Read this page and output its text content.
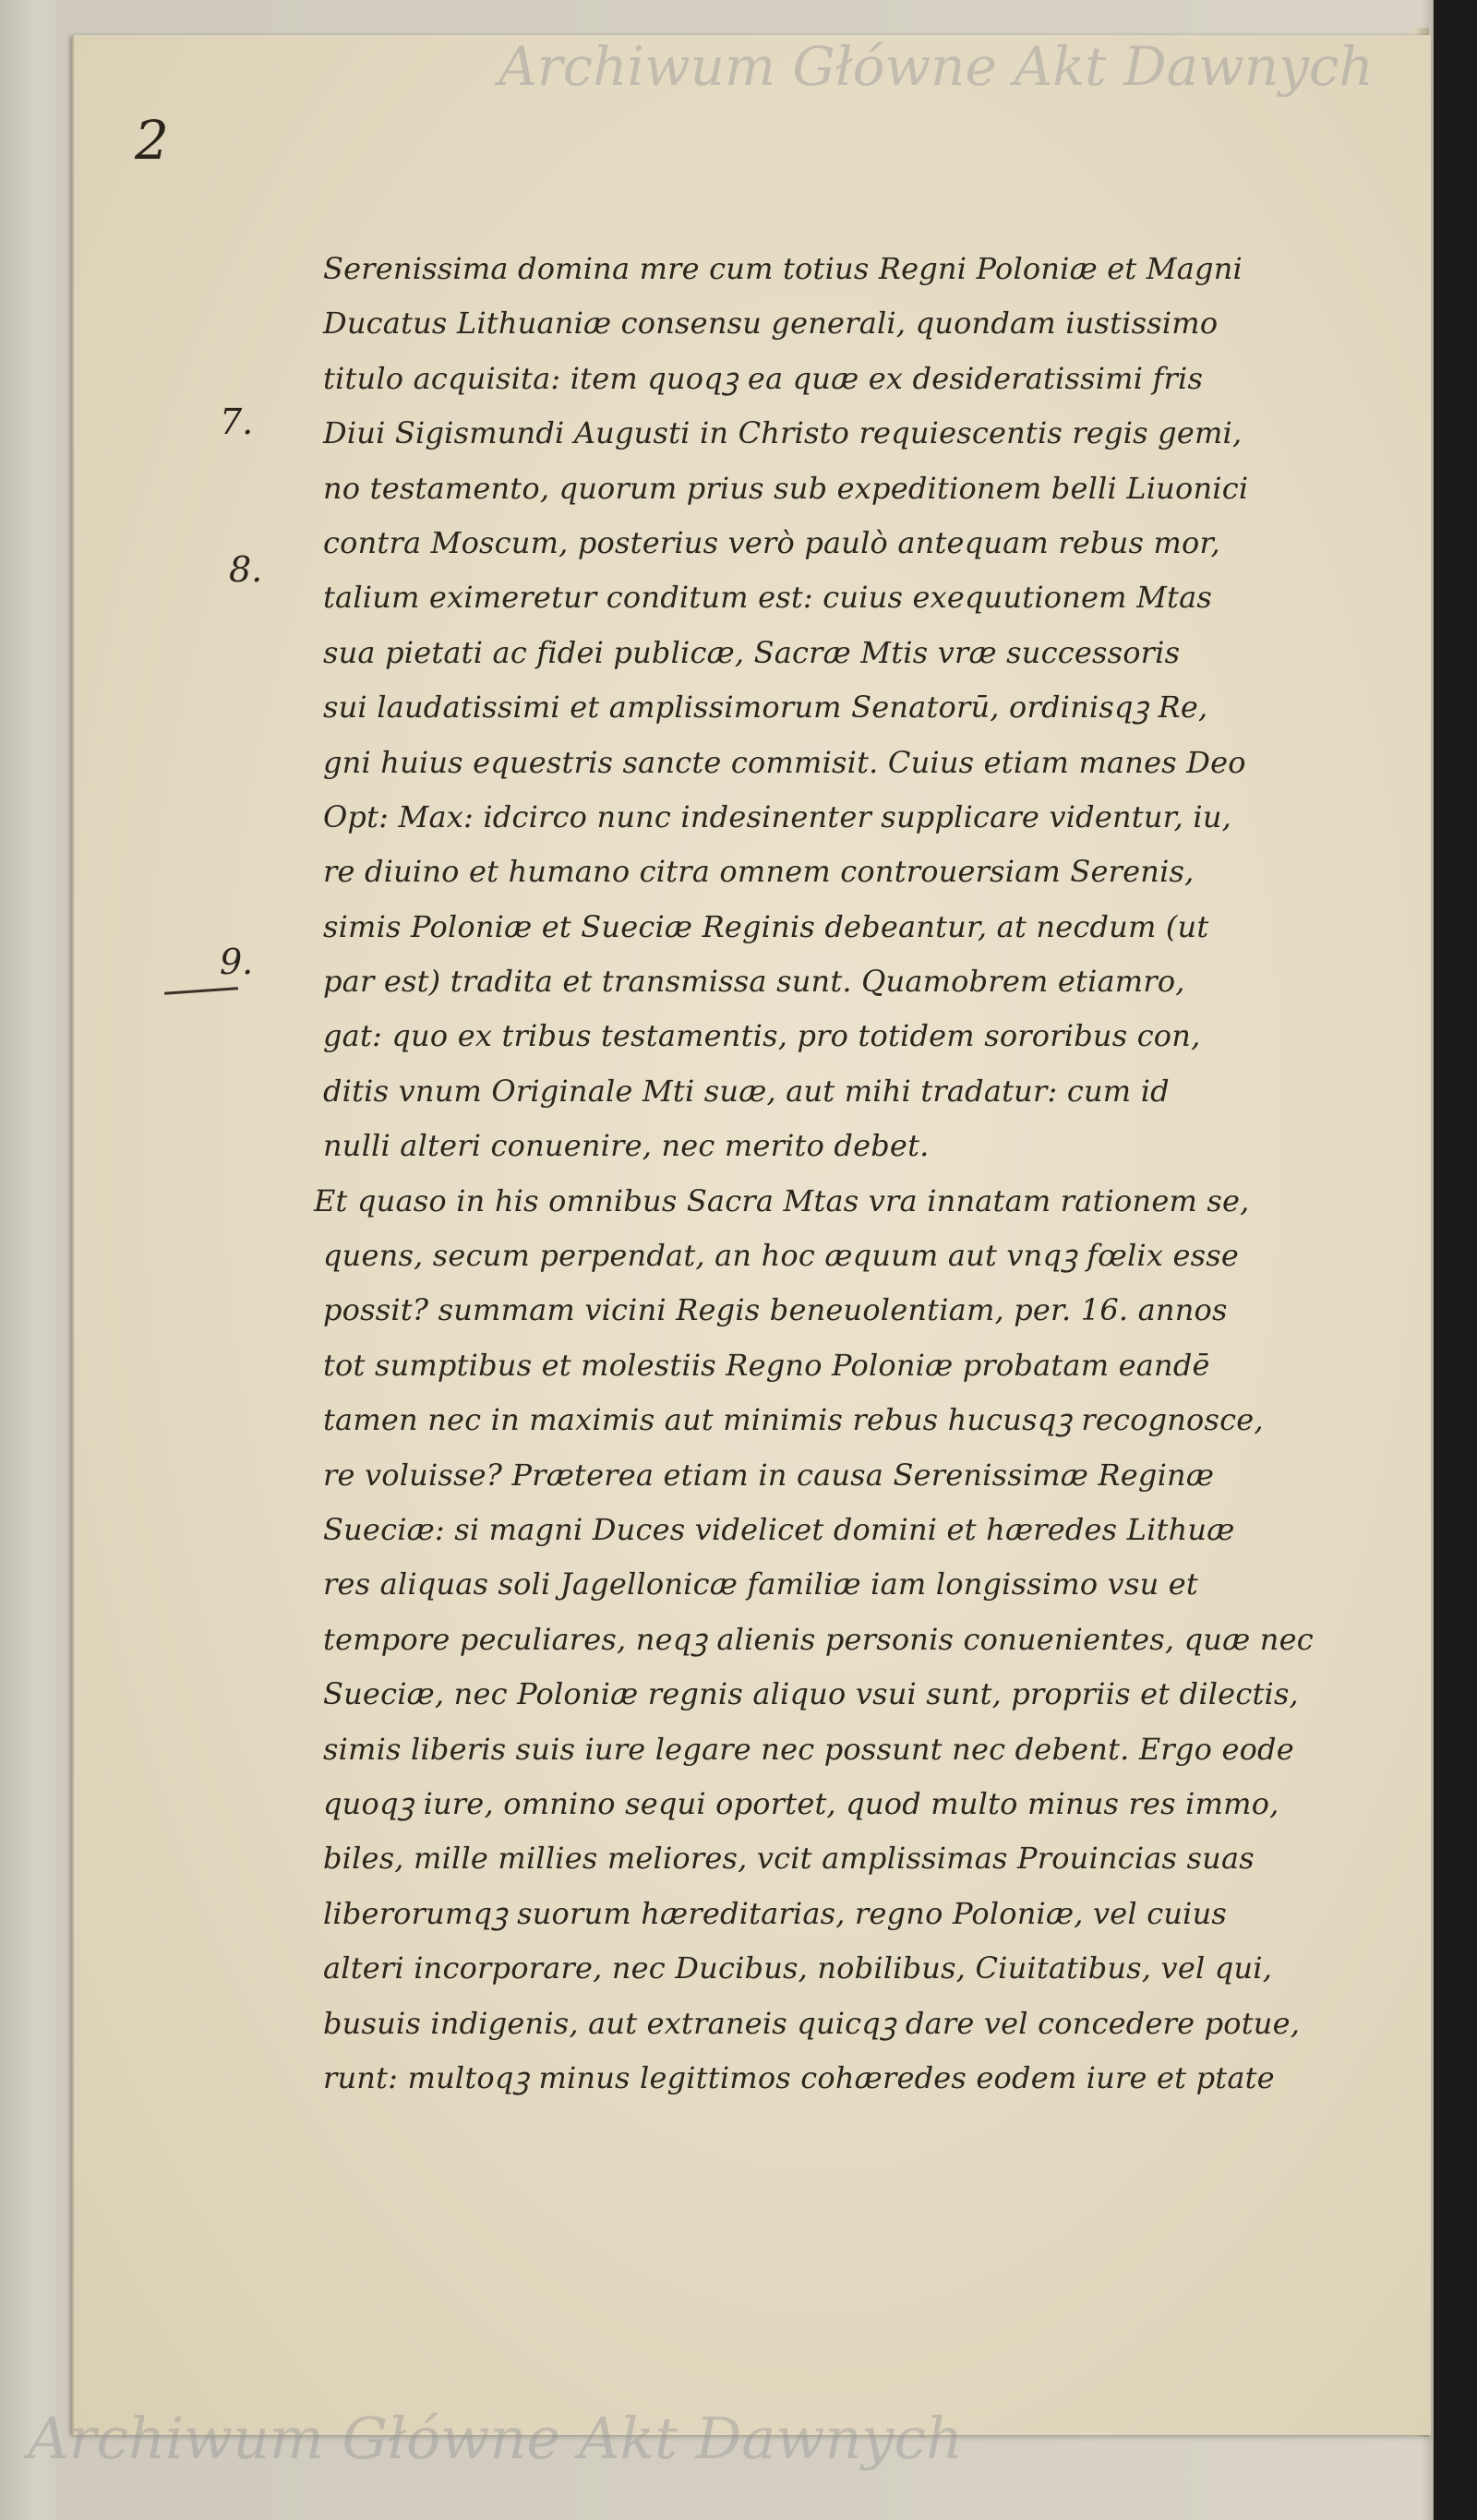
Archiwum Główne Akt Dawnych
Archiwum Główne Akt Dawnych
2
7.
8.
9.
Serenissima domina mre cum totius Regni Poloniæ et Magni
Ducatus Lithuaniæ consensu generali, quondam iustissimo
titulo acquisita: item quoqꝫ ea quæ ex desideratissimi fris
Diui Sigismundi Augusti in Christo requiescentis regis gemi,
no testamento, quorum prius sub expeditionem belli Liuonici
contra Moscum, posterius verò paulò antequam rebus mor,
talium eximeretur conditum est: cuius exequutionem Mtas
sua pietati ac fidei publicæ, Sacræ Mtis vræ successoris
sui laudatissimi et amplissimorum Senatorū, ordinisqꝫ Re,
gni huius equestris sancte commisit. Cuius etiam manes Deo
Opt: Max: idcirco nunc indesinenter supplicare videntur, iu,
re diuino et humano citra omnem controuersiam Serenis,
simis Poloniæ et Sueciæ Reginis debeantur, at necdum (ut
par est) tradita et transmissa sunt. Quamobrem etiamro,
gat: quo ex tribus testamentis, pro totidem sororibus con,
ditis vnum Originale Mti suæ, aut mihi tradatur: cum id
nulli alteri conuenire, nec merito debet.
Et quaso in his omnibus Sacra Mtas vra innatam rationem se,
quens, secum perpendat, an hoc æquum aut vnqꝫ fœlix esse
possit? summam vicini Regis beneuolentiam, per. 16. annos
tot sumptibus et molestiis Regno Poloniæ probatam eandē
tamen nec in maximis aut minimis rebus hucusqꝫ recognosce,
re voluisse? Præterea etiam in causa Serenissimæ Reginæ
Sueciæ: si magni Duces videlicet domini et hæredes Lithuæ
res aliquas soli Jagellonicæ familiæ iam longissimo vsu et
tempore peculiares, neqꝫ alienis personis conuenientes, quæ nec
Sueciæ, nec Poloniæ regnis aliquo vsui sunt, propriis et dilectis,
simis liberis suis iure legare nec possunt nec debent. Ergo eode
quoqꝫ iure, omnino sequi oportet, quod multo minus res immo,
biles, mille millies meliores, vcit amplissimas Prouincias suas
liberorumqꝫ suorum hæreditarias, regno Poloniæ, vel cuius
alteri incorporare, nec Ducibus, nobilibus, Ciuitatibus, vel qui,
busuis indigenis, aut extraneis quicqꝫ dare vel concedere potue,
runt: multoqꝫ minus legittimos cohæredes eodem iure et ptate
